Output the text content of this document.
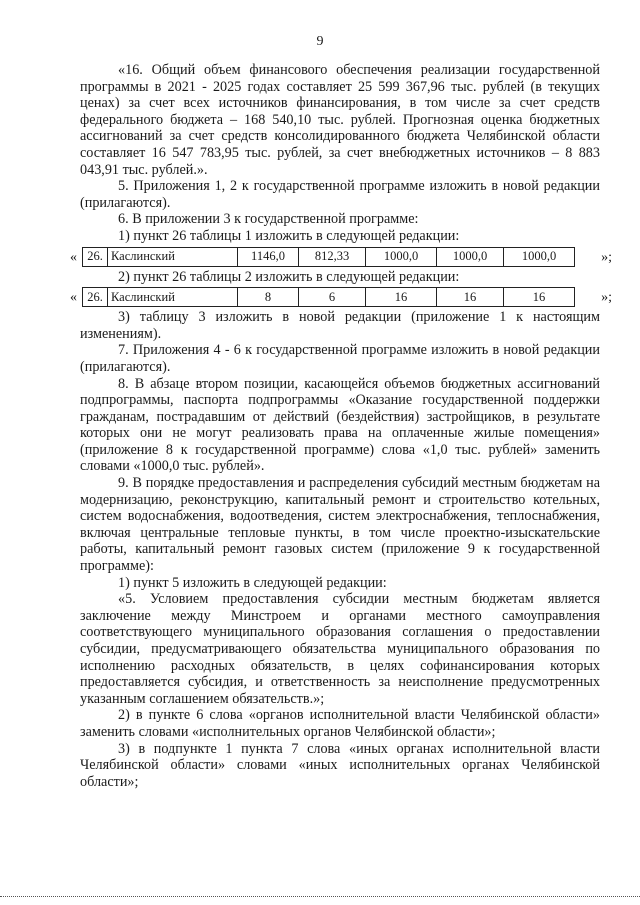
9

«16. Общий объем финансового обеспечения реализации государственной программы в 2021 - 2025 годах составляет 25 599 367,96 тыс. рублей (в текущих ценах) за счет всех источников финансирования, в том числе за счет средств федерального бюджета – 168 540,10 тыс. рублей. Прогнозная оценка бюджетных ассигнований за счет средств консолидированного бюджета Челябинской области составляет 16 547 783,95 тыс. рублей, за счет внебюджетных источников – 8 883 043,91 тыс. рублей.».

5. Приложения 1, 2 к государственной программе изложить в новой редакции (прилагаются).

6. В приложении 3 к государственной программе:

1) пункт 26 таблицы 1 изложить в следующей редакции:

« 26.	Каслинский	1146,0	812,33	1000,0	1000,0	1000,0	»;

2) пункт 26 таблицы 2 изложить в следующей редакции:

« 26.	Каслинский	8	6	16	16	16	»;

3) таблицу 3 изложить в новой редакции (приложение 1 к настоящим изменениям).

7. Приложения 4 - 6 к государственной программе изложить в новой редакции (прилагаются).

8. В абзаце втором позиции, касающейся объемов бюджетных ассигнований подпрограммы, паспорта подпрограммы «Оказание государственной поддержки гражданам, пострадавшим от действий (бездействия) застройщиков, в результате которых они не могут реализовать права на оплаченные жилые помещения» (приложение 8 к государственной программе) слова «1,0 тыс. рублей» заменить словами «1000,0 тыс. рублей».

9. В порядке предоставления и распределения субсидий местным бюджетам на модернизацию, реконструкцию, капитальный ремонт и строительство котельных, систем водоснабжения, водоотведения, систем электроснабжения, теплоснабжения, включая центральные тепловые пункты, в том числе проектно-изыскательские работы, капитальный ремонт газовых систем (приложение 9 к государственной программе):

1) пункт 5 изложить в следующей редакции:

«5. Условием предоставления субсидии местным бюджетам является заключение между Минстроем и органами местного самоуправления соответствующего муниципального образования соглашения о предоставлении субсидии, предусматривающего обязательства муниципального образования по исполнению расходных обязательств, в целях софинансирования которых предоставляется субсидия, и ответственность за неисполнение предусмотренных указанным соглашением обязательств.»;

2) в пункте 6 слова «органов исполнительной власти Челябинской области» заменить словами «исполнительных органов Челябинской области»;

3) в подпункте 1 пункта 7 слова «иных органах исполнительной власти Челябинской области» словами «иных исполнительных органах Челябинской области»;
